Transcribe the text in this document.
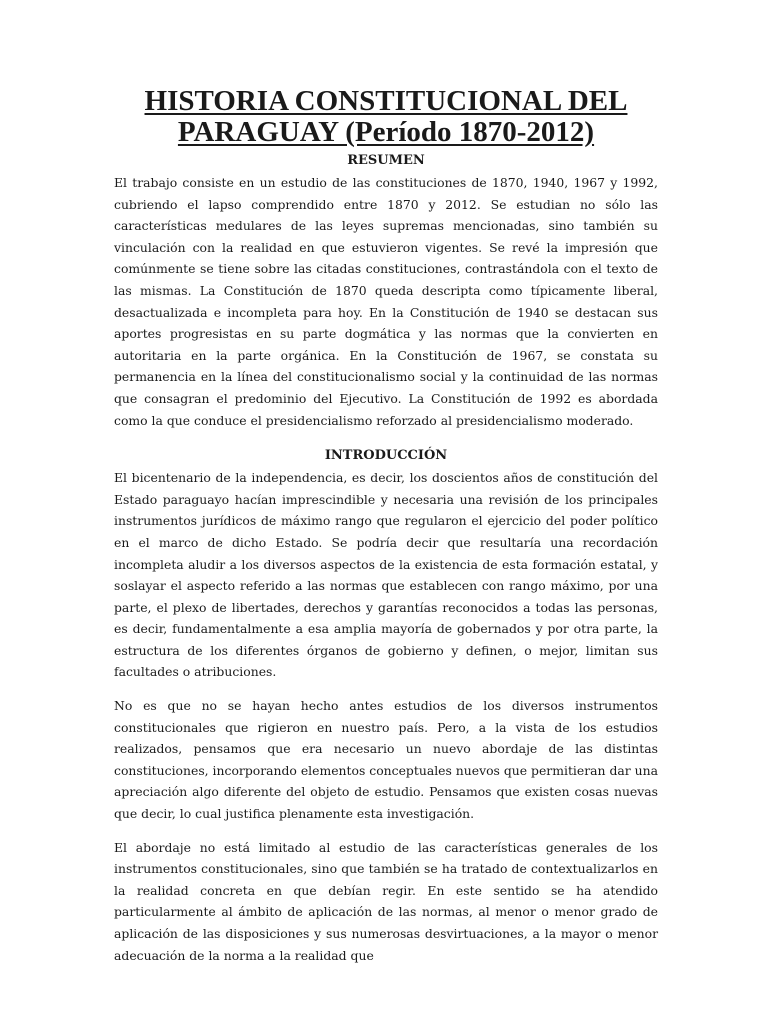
HISTORIA CONSTITUCIONAL DEL
PARAGUAY (Período 1870-2012)
RESUMEN

El trabajo consiste en un estudio de las constituciones de 1870, 1940, 1967 y 1992, cubriendo el lapso comprendido entre 1870 y 2012. Se estudian no sólo las características medulares de las leyes supremas mencionadas, sino también su vinculación con la realidad en que estuvieron vigentes. Se revé la impresión que comúnmente se tiene sobre las citadas constituciones, contrastándola con el texto de las mismas. La Constitución de 1870 queda descripta como típicamente liberal, desactualizada e incompleta para hoy. En la Constitución de 1940 se destacan sus aportes progresistas en su parte dogmática y las normas que la convierten en autoritaria en la parte orgánica. En la Constitución de 1967, se constata su permanencia en la línea del constitucionalismo social y la continuidad de las normas que consagran el predominio del Ejecutivo. La Constitución de 1992 es abordada como la que conduce el presidencialismo reforzado al presidencialismo moderado.

INTRODUCCIÓN

El bicentenario de la independencia, es decir, los doscientos años de constitución del Estado paraguayo hacían imprescindible y necesaria una revisión de los principales instrumentos jurídicos de máximo rango que regularon el ejercicio del poder político en el marco de dicho Estado. Se podría decir que resultaría una recordación incompleta aludir a los diversos aspectos de la existencia de esta formación estatal, y soslayar el aspecto referido a las normas que establecen con rango máximo, por una parte, el plexo de libertades, derechos y garantías reconocidos a todas las personas, es decir, fundamentalmente a esa amplia mayoría de gobernados y por otra parte, la estructura de los diferentes órganos de gobierno y definen, o mejor, limitan sus facultades o atribuciones.

No es que no se hayan hecho antes estudios de los diversos instrumentos constitucionales que rigieron en nuestro país. Pero, a la vista de los estudios realizados, pensamos que era necesario un nuevo abordaje de las distintas constituciones, incorporando elementos conceptuales nuevos que permitieran dar una apreciación algo diferente del objeto de estudio. Pensamos que existen cosas nuevas que decir, lo cual justifica plenamente esta investigación.

El abordaje no está limitado al estudio de las características generales de los instrumentos constitucionales, sino que también se ha tratado de contextualizarlos en la realidad concreta en que debían regir. En este sentido se ha atendido particularmente al ámbito de aplicación de las normas, al menor o menor grado de aplicación de las disposiciones y sus numerosas desvirtuaciones, a la mayor o menor adecuación de la norma a la realidad que
